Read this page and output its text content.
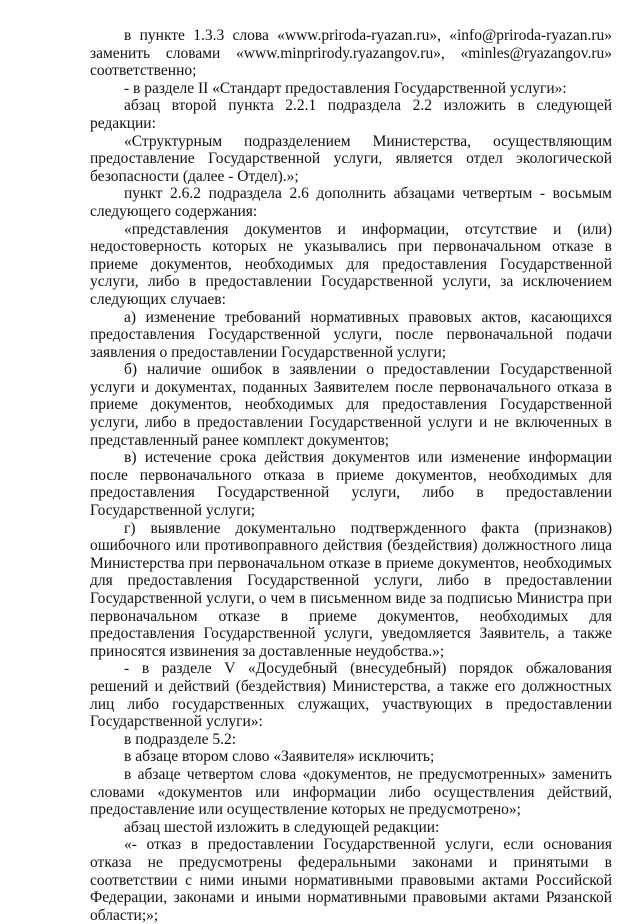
в пункте 1.3.3 слова «www.priroda-ryazan.ru», «info@priroda-ryazan.ru» заменить словами «www.minprirody.ryazangov.ru», «minles@ryazangov.ru» соответственно;

- в разделе II «Стандарт предоставления Государственной услуги»:

абзац второй пункта 2.2.1 подраздела 2.2 изложить в следующей редакции:

«Структурным подразделением Министерства, осуществляющим предоставление Государственной услуги, является отдел экологической безопасности (далее - Отдел).»;

пункт 2.6.2 подраздела 2.6 дополнить абзацами четвертым - восьмым следующего содержания:

«представления документов и информации, отсутствие и (или) недостоверность которых не указывались при первоначальном отказе в приеме документов, необходимых для предоставления Государственной услуги, либо в предоставлении Государственной услуги, за исключением следующих случаев:

а) изменение требований нормативных правовых актов, касающихся предоставления Государственной услуги, после первоначальной подачи заявления о предоставлении Государственной услуги;

б) наличие ошибок в заявлении о предоставлении Государственной услуги и документах, поданных Заявителем после первоначального отказа в приеме документов, необходимых для предоставления Государственной услуги, либо в предоставлении Государственной услуги и не включенных в представленный ранее комплект документов;

в) истечение срока действия документов или изменение информации после первоначального отказа в приеме документов, необходимых для предоставления Государственной услуги, либо в предоставлении Государственной услуги;

г) выявление документально подтвержденного факта (признаков) ошибочного или противоправного действия (бездействия) должностного лица Министерства при первоначальном отказе в приеме документов, необходимых для предоставления Государственной услуги, либо в предоставлении Государственной услуги, о чем в письменном виде за подписью Министра при первоначальном отказе в приеме документов, необходимых для предоставления Государственной услуги, уведомляется Заявитель, а также приносятся извинения за доставленные неудобства.»;

- в разделе V «Досудебный (внесудебный) порядок обжалования решений и действий (бездействия) Министерства, а также его должностных лиц либо государственных служащих, участвующих в предоставлении Государственной услуги»:

в подразделе 5.2:

в абзаце втором слово «Заявителя» исключить;

в абзаце четвертом слова «документов, не предусмотренных» заменить словами «документов или информации либо осуществления действий, предоставление или осуществление которых не предусмотрено»;

абзац шестой изложить в следующей редакции:

«- отказ в предоставлении Государственной услуги, если основания отказа не предусмотрены федеральными законами и принятыми в соответствии с ними иными нормативными правовыми актами Российской Федерации, законами и иными нормативными правовыми актами Рязанской области;»;
